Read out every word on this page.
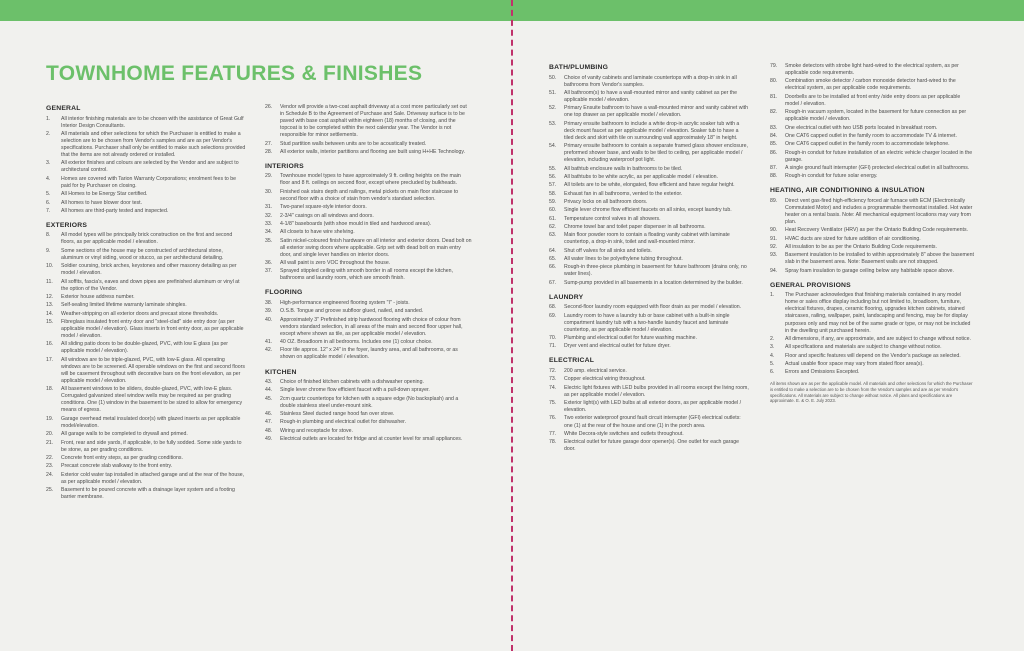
TOWNHOME FEATURES & FINISHES
GENERAL
1.	All interior finishing materials are to be chosen with the assistance of Great Gulf Interior Design Consultants.
2.	All materials and other selections for which the Purchaser is entitled to make a selection are to be chosen from Vendor's samples and are as per Vendor's specifications. Purchaser shall only be entitled to make such selections provided that the items are not already ordered or installed.
3.	All exterior finishes and colours are selected by the Vendor and are subject to architectural control.
4.	Homes are covered with Tarion Warranty Corporations; enrolment fees to be paid for by Purchaser on closing.
5.	All Homes to be Energy Star certified.
6.	All homes to have blower door test.
7.	All homes are third-party tested and inspected.
EXTERIORS
8.	All model types will be principally brick construction on the first and second floors, as per applicable model / elevation.
9.	Some sections of the house may be constructed of architectural stone, aluminum or vinyl siding, wood or stucco, as per architectural detailing.
10.	Soldier coursing, brick arches, keystones and other masonry detailing as per model / elevation.
11.	All soffits, fascia's, eaves and down pipes are prefinished aluminum or vinyl at the option of the Vendor.
12.	Exterior house address number.
13.	Self-sealing limited lifetime warranty laminate shingles.
14.	Weather-stripping on all exterior doors and precast stone thresholds.
15.	Fibreglass insulated front entry door and "steel-clad" side entry door (as per applicable model / elevation). Glass inserts in front entry door, as per applicable model / elevation.
16.	All sliding patio doors to be double-glazed, PVC, with low E glass (as per applicable model / elevation).
17.	All windows are to be triple-glazed, PVC, with low-E glass. All operating windows are to be screened. All operable windows on the first and second floors will be casement throughout with decorative bars on the front elevation, as per applicable model / elevation.
18.	All basement windows to be sliders, double-glazed, PVC, with low-E glass. Corrugated galvanized steel window wells may be required as per grading conditions. One (1) window in the basement to be sized to allow for emergency means of egress.
19.	Garage overhead metal insulated door(s) with glazed inserts as per applicable model/elevation.
20.	All garage walls to be completed to drywall and primed.
21.	Front, rear and side yards, if applicable, to be fully sodded. Some side yards to be stone, as per grading conditions.
22.	Concrete front entry steps, as per grading conditions.
23.	Precast concrete slab walkway to the front entry.
24.	Exterior cold water tap installed in attached garage and at the rear of the house, as per applicable model / elevation.
25.	Basement to be poured concrete with a drainage layer system and a footing barrier membrane.
26.	Vendor will provide a two-coat asphalt driveway at a cost more particularly set out in Schedule B to the Agreement of Purchase and Sale. Driveway surface is to be paved with base coat asphalt within eighteen (18) months of closing, and the topcoat is to be completed within the next calendar year. The Vendor is not responsible for minor settlements.
27.	Stud partition walls between units are to be acoustically treated.
28.	All exterior walls, interior partitions and flooring are built using H+HE Technology.
INTERIORS
29.	Townhouse model types to have approximately 9 ft. ceiling heights on the main floor and 8 ft. ceilings on second floor, except where precluded by bulkheads.
30.	Finished oak stairs depth and railings, metal pickets on main floor staircase to second floor with a choice of stain from vendor's standard selection.
31.	Two-panel square-style interior doors.
32.	2-3/4" casings on all windows and doors.
33.	4-1/8" baseboards (with shoe mould in tiled and hardwood areas).
34.	All closets to have wire shelving.
35.	Satin nickel-coloured finish hardware on all interior and exterior doors. Dead bolt on all exterior swing doors where applicable. Grip set with dead bolt on main entry door, and single lever handles on interior doors.
36.	All wall paint is zero VOC throughout the house.
37.	Sprayed stippled ceiling with smooth border in all rooms except the kitchen, bathrooms and laundry room, which are smooth finish.
FLOORING
38.	High-performance engineered flooring system "I" - joists.
39.	O.S.B. Tongue and groove subfloor glued, nailed, and sanded.
40.	Approximately 3" Prefinished strip hardwood flooring with choice of colour from vendors standard selection, in all areas of the main and second floor upper hall, except where shown as tile, as per applicable model / elevation.
41.	40 OZ. Broadloom in all bedrooms. Includes one (1) colour choice.
42.	Floor tile approx. 12" x 24" in the foyer, laundry area, and all bathrooms, or as shown on applicable model / elevation.
KITCHEN
43.	Choice of finished kitchen cabinets with a dishwasher opening.
44.	Single lever chrome flow efficient faucet with a pull-down sprayer.
45.	2cm quartz countertops for kitchen with a square edge (No backsplash) and a double stainless steel under-mount sink.
46.	Stainless Steel ducted range hood fan over stove.
47.	Rough-in plumbing and electrical outlet for dishwasher.
48.	Wiring and receptacle for stove.
49.	Electrical outlets are located for fridge and at counter level for small appliances.
BATH/PLUMBING
50.	Choice of vanity cabinets and laminate countertops with a drop-in sink in all bathrooms from Vendor's samples.
51.	All bathroom(s) to have a wall-mounted mirror and vanity cabinet as per the applicable model / elevation.
52.	Primary Ensuite bathroom to have a wall-mounted mirror and vanity cabinet with one top drawer as per applicable model / elevation.
53.	Primary ensuite bathroom to include a white drop-in acrylic soaker tub with a deck mount faucet as per applicable model / elevation. Soaker tub to have a tiled deck and skirt with tile on surrounding wall approximately 18" in height.
54.	Primary ensuite bathroom to contain a separate framed glass shower enclosure, preformed shower base, and walls to be tiled to ceiling, per applicable model / elevation, including waterproof pot light.
55.	All bathtub enclosure walls in bathrooms to be tiled.
56.	All bathtubs to be white acrylic, as per applicable model / elevation.
57.	All toilets are to be white, elongated, flow efficient and have regular height.
58.	Exhaust fan in all bathrooms, vented to the exterior.
59.	Privacy locks on all bathroom doors.
60.	Single lever chrome flow efficient faucets on all sinks, except laundry tub.
61.	Temperature control valves in all showers.
62.	Chrome towel bar and toilet paper dispenser in all bathrooms.
63.	Main floor powder room to contain a floating vanity cabinet with laminate countertop, a drop-in sink, toilet and wall-mounted mirror.
64.	Shut off valves for all sinks and toilets.
65.	All water lines to be polyethylene tubing throughout.
66.	Rough-in three-piece plumbing in basement for future bathroom (drains only, no water lines).
67.	Sump-pump provided in all basements in a location determined by the builder.
LAUNDRY
68.	Second-floor laundry room equipped with floor drain as per model / elevation.
69.	Laundry room to have a laundry tub or base cabinet with a built-in single compartment laundry tub with a two-handle laundry faucet and laminate countertop, as per applicable model / elevation.
70.	Plumbing and electrical outlet for future washing machine.
71.	Dryer vent and electrical outlet for future dryer.
ELECTRICAL
72.	200 amp. electrical service.
73.	Copper electrical wiring throughout.
74.	Electric light fixtures with LED bulbs provided in all rooms except the living room, as per applicable model / elevation.
75.	Exterior light(s) with LED bulbs at all exterior doors, as per applicable model / elevation.
76.	Two exterior waterproof ground fault circuit interrupter (GFI) electrical outlets: one (1) at the rear of the house and one (1) in the porch area.
77.	White Decora-style switches and outlets throughout.
78.	Electrical outlet for future garage door opener(s). One outlet for each garage door.
79.	Smoke detectors with strobe light hard-wired to the electrical system, as per applicable code requirements.
80.	Combination smoke detector / carbon monoxide detector hard-wired to the electrical system, as per applicable code requirements.
81.	Doorbells are to be installed at front entry /side entry doors as per applicable model / elevation.
82.	Rough-in vacuum system, located in the basement for future connection as per applicable model / elevation.
83.	One electrical outlet with two USB ports located in breakfast room.
84.	One CAT6 capped outlet in the family room to accommodate TV & internet.
85.	One CAT6 capped outlet in the family room to accommodate telephone.
86.	Rough-in conduit for future installation of an electric vehicle charger located in the garage.
87.	A single ground fault interrupter (GFI) protected electrical outlet in all bathrooms.
88.	Rough-in conduit for future solar energy.
HEATING, AIR CONDITIONING & INSULATION
89.	Direct vent gas-fired high-efficiency forced air furnace with ECM (Electronically Commutated Motor) and includes a programmable thermostat installed. Hot water heater on a rental basis. Note: All mechanical equipment locations may vary from plan.
90.	Heat Recovery Ventilator (HRV) as per the Ontario Building Code requirements.
91.	HVAC ducts are sized for future addition of air conditioning.
92.	All insulation to be as per the Ontario Building Code requirements.
93.	Basement insulation to be installed to within approximately 8" above the basement slab in the basement area. Note: Basement walls are not strapped.
94.	Spray foam insulation to garage ceiling below any habitable space above.
GENERAL PROVISIONS
1.	The Purchaser acknowledges that finishing materials contained in any model home or sales office display including but not limited to, broadloom, furniture, electrical fixtures, drapes, ceramic flooring, upgrades kitchen cabinets, stained staircases, railing, wallpaper, paint, landscaping and fencing, may be for display purposes only and may not be of the same grade or type, or may not be included in the dwelling unit purchased herein.
2.	All dimensions, if any, are approximate, and are subject to change without notice.
3.	All specifications and materials are subject to change without notice.
4.	Floor and specific features will depend on the Vendor's package as selected.
5.	Actual usable floor space may vary from stated floor area(s).
6.	Errors and Omissions Excepted.
All items shown are as per the applicable model. All materials and other selections for which the Purchaser is entitled to make a selection are to be chosen from the Vendor's samples and are as per Vendor's specifications. All materials are subject to change without notice. All plans and specifications are approximate. E. & O. E. July 2023.
